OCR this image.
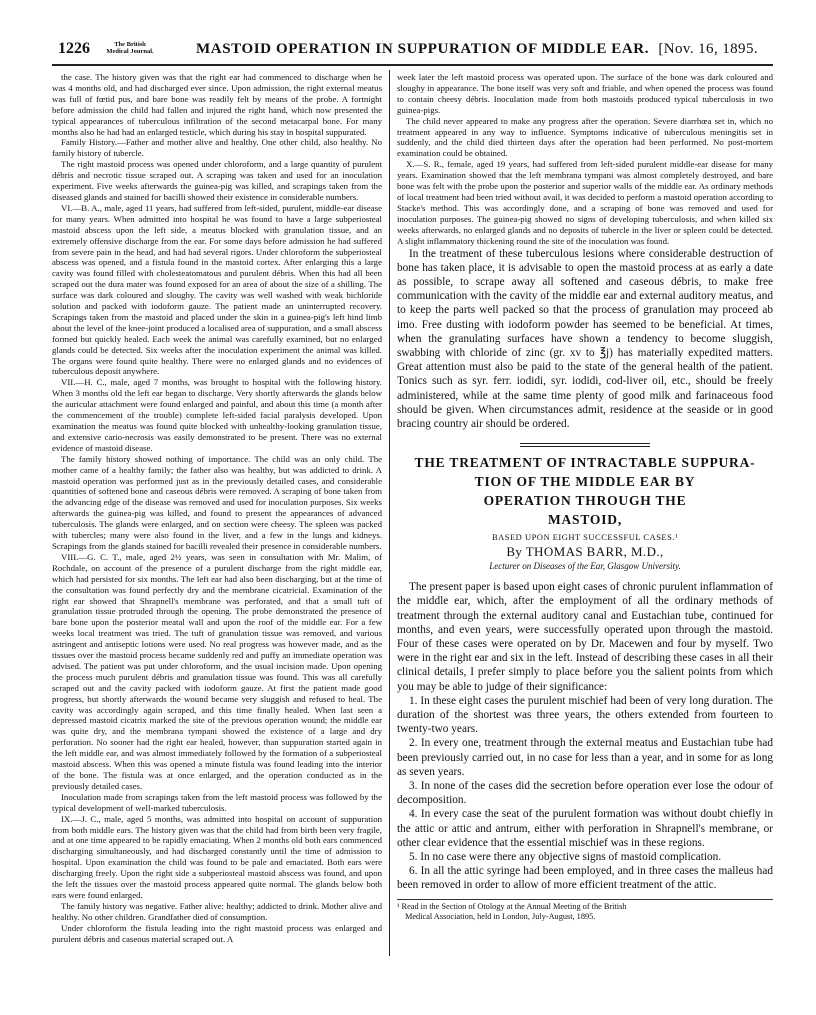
1226	The British
Medical Journal.	MASTOID OPERATION IN SUPPURATION OF MIDDLE EAR. [Nov. 16, 1895.

the case. The history given was that the right ear had commenced to discharge when he was 4 months old, and had discharged ever since. Upon admission, the right external meatus was full of fœtid pus, and bare bone was readily felt by means of the probe. A fortnight before admission the child had fallen and injured the right hand, which now presented the typical appearances of tuberculous infiltration of the second metacarpal bone. For many months also he had had an enlarged testicle, which during his stay in hospital suppurated.

Family History.—Father and mother alive and healthy. One other child, also healthy. No family history of tubercle.

The right mastoid process was opened under chloroform, and a large quantity of purulent débris and necrotic tissue scraped out. A scraping was taken and used for an inoculation experiment. Five weeks afterwards the guinea-pig was killed, and scrapings taken from the diseased glands and stained for bacilli showed their existence in considerable numbers.

VI.—B. A., male, aged 11 years, had suffered from left-sided, purulent, middle-ear disease for many years. When admitted into hospital he was found to have a large subperiosteal mastoid abscess upon the left side, a meatus blocked with granulation tissue, and an extremely offensive discharge from the ear. For some days before admission he had suffered from severe pain in the head, and had had several rigors. Under chloroform the subperiosteal abscess was opened, and a fistula found in the mastoid cortex. After enlarging this a large cavity was found filled with cholesteatomatous and purulent débris. When this had all been scraped out the dura mater was found exposed for an area of about the size of a shilling. The surface was dark coloured and sloughy. The cavity was well washed with weak bichloride solution and packed with iodoform gauze. The patient made an uninterrupted recovery. Scrapings taken from the mastoid and placed under the skin in a guinea-pig's left hind limb about the level of the knee-joint produced a localised area of suppuration, and a small abscess formed but quickly healed. Each week the animal was carefully examined, but no enlarged glands could be detected. Six weeks after the inoculation experiment the animal was killed. The organs were found quite healthy. There were no enlarged glands and no evidences of tuberculous deposit anywhere.

VII.—H. C., male, aged 7 months, was brought to hospital with the following history. When 3 months old the left ear began to discharge. Very shortly afterwards the glands below the auricular attachment were found enlarged and painful, and about this time (a month after the commencement of the trouble) complete left-sided facial paralysis developed. Upon examination the meatus was found quite blocked with unhealthy-looking granulation tissue, and extensive cario-necrosis was easily demonstrated to be present. There was no external evidence of mastoid disease.

The family history showed nothing of importance. The child was an only child. The mother came of a healthy family; the father also was healthy, but was addicted to drink. A mastoid operation was performed just as in the previously detailed cases, and considerable quantities of softened bone and caseous débris were removed. A scraping of bone taken from the advancing edge of the disease was removed and used for inoculation purposes. Six weeks afterwards the guinea-pig was killed, and found to present the appearances of advanced tuberculosis. The glands were enlarged, and on section were cheesy. The spleen was packed with tubercles; many were also found in the liver, and a few in the lungs and kidneys. Scrapings from the glands stained for bacilli revealed their presence in considerable numbers.

VIII.—G. C. T., male, aged 2½ years, was seen in consultation with Mr. Malim, of Rochdale, on account of the presence of a purulent discharge from the right middle ear, which had persisted for six months. The left ear had also been discharging, but at the time of the consultation was found perfectly dry and the membrane cicatricial. Examination of the right ear showed that Shrapnell's membrane was perforated, and that a small tuft of granulation tissue protruded through the opening. The probe demonstrated the presence of bare bone upon the posterior meatal wall and upon the roof of the middle ear. For a few weeks local treatment was tried. The tuft of granulation tissue was removed, and various astringent and antiseptic lotions were used. No real progress was however made, and as the tissues over the mastoid process became suddenly red and puffy an immediate operation was advised. The patient was put under chloroform, and the usual incision made. Upon opening the process much purulent débris and granulation tissue was found. This was all carefully scraped out and the cavity packed with iodoform gauze. At first the patient made good progress, but shortly afterwards the wound became very sluggish and refused to heal. The cavity was accordingly again scraped, and this time finally healed. When last seen a depressed mastoid cicatrix marked the site of the previous operation wound; the middle ear was quite dry, and the membrana tympani showed the existence of a large and dry perforation. No sooner had the right ear healed, however, than suppuration started again in the left middle ear, and was almost immediately followed by the formation of a subperiosteal mastoid abscess. When this was opened a minute fistula was found leading into the interior of the bone. The fistula was at once enlarged, and the operation conducted as in the previously detailed cases.

Inoculation made from scrapings taken from the left mastoid process was followed by the typical development of well-marked tuberculosis.

IX.—J. C., male, aged 5 months, was admitted into hospital on account of suppuration from both middle ears. The history given was that the child had from birth been very fragile, and at one time appeared to be rapidly emaciating. When 2 months old both ears commenced discharging simultaneously, and had discharged constantly until the time of admission to hospital. Upon examination the child was found to be pale and emaciated. Both ears were discharging freely. Upon the right side a subperiosteal mastoid abscess was found, and upon the left the tissues over the mastoid process appeared quite normal. The glands below both ears were found enlarged.

The family history was negative. Father alive: healthy; addicted to drink. Mother alive and healthy. No other children. Grandfather died of consumption.

Under chloroform the fistula leading into the right mastoid process was enlarged and purulent débris and caseous material scraped out. A

week later the left mastoid process was operated upon. The surface of the bone was dark coloured and sloughy in appearance. The bone itself was very soft and friable, and when opened the process was found to contain cheesy débris. Inoculation made from both mastoids produced typical tuberculosis in two guinea-pigs.

The child never appeared to make any progress after the operation. Severe diarrhœa set in, which no treatment appeared in any way to influence. Symptoms indicative of tuberculous meningitis set in suddenly, and the child died thirteen days after the operation had been performed. No post-mortem examination could be obtained.

X.—S. R., female, aged 19 years, had suffered from left-sided purulent middle-ear disease for many years. Examination showed that the left membrana tympani was almost completely destroyed, and bare bone was felt with the probe upon the posterior and superior walls of the middle ear. As ordinary methods of local treatment had been tried without avail, it was decided to perform a mastoid operation according to Stacke's method. This was accordingly done, and a scraping of bone was removed and used for inoculation purposes. The guinea-pig showed no signs of developing tuberculosis, and when killed six weeks afterwards, no enlarged glands and no deposits of tubercle in the liver or spleen could be detected. A slight inflammatory thickening round the site of the inoculation was found.

In the treatment of these tuberculous lesions where considerable destruction of bone has taken place, it is advisable to open the mastoid process at as early a date as possible, to scrape away all softened and caseous débris, to make free communication with the cavity of the middle ear and external auditory meatus, and to keep the parts well packed so that the process of granulation may proceed ab imo. Free dusting with iodoform powder has seemed to be beneficial. At times, when the granulating surfaces have shown a tendency to become sluggish, swabbing with chloride of zinc (gr. xv to ℥j) has materially expedited matters. Great attention must also be paid to the state of the general health of the patient. Tonics such as syr. ferr. iodidi, syr. iodidi, cod-liver oil, etc., should be freely administered, while at the same time plenty of good milk and farinaceous food should be given. When circumstances admit, residence at the seaside or in good bracing country air should be ordered.

THE TREATMENT OF INTRACTABLE SUPPURA-
TION OF THE MIDDLE EAR BY
OPERATION THROUGH THE
MASTOID,
BASED UPON EIGHT SUCCESSFUL CASES.¹
By THOMAS BARR, M.D.,
Lecturer on Diseases of the Ear, Glasgow University.

The present paper is based upon eight cases of chronic purulent inflammation of the middle ear, which, after the employment of all the ordinary methods of treatment through the external auditory canal and Eustachian tube, continued for months, and even years, were successfully operated upon through the mastoid. Four of these cases were operated on by Dr. Macewen and four by myself. Two were in the right ear and six in the left. Instead of describing these cases in all their clinical details, I prefer simply to place before you the salient points from which you may be able to judge of their significance:

1. In these eight cases the purulent mischief had been of very long duration. The duration of the shortest was three years, the others extended from fourteen to twenty-two years.

2. In every one, treatment through the external meatus and Eustachian tube had been previously carried out, in no case for less than a year, and in some for as long as seven years.

3. In none of the cases did the secretion before operation ever lose the odour of decomposition.

4. In every case the seat of the purulent formation was without doubt chiefly in the attic or attic and antrum, either with perforation in Shrapnell's membrane, or other clear evidence that the essential mischief was in these regions.

5. In no case were there any objective signs of mastoid complication.

6. In all the attic syringe had been employed, and in three cases the malleus had been removed in order to allow of more efficient treatment of the attic.

¹ Read in the Section of Otology at the Annual Meeting of the British
Medical Association, held in London, July-August, 1895.
